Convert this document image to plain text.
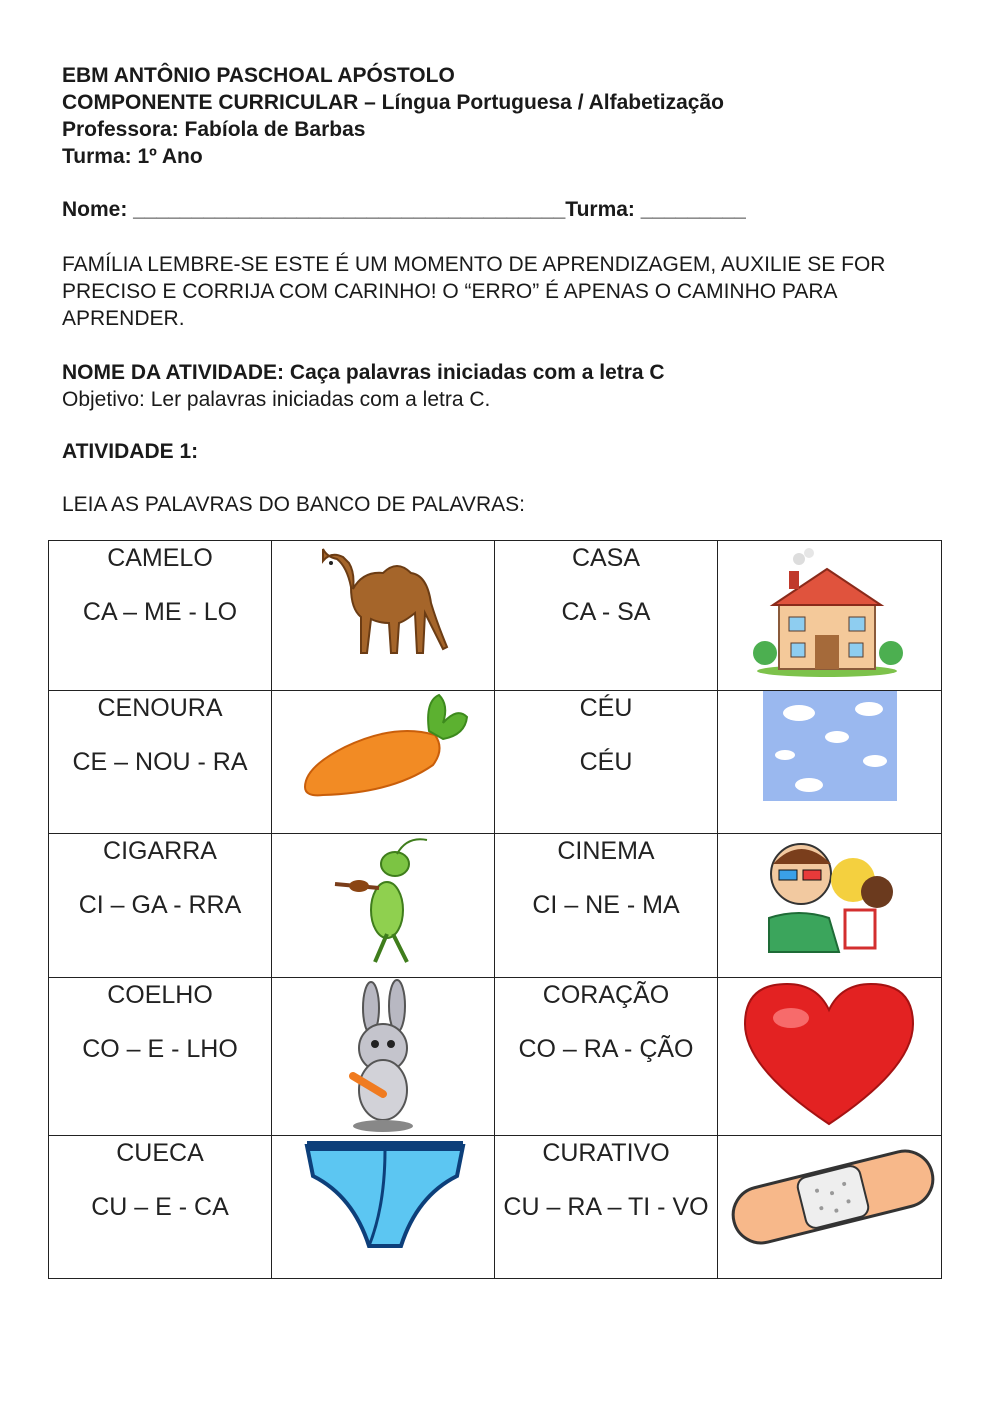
EBM ANTÔNIO PASCHOAL APÓSTOLO
COMPONENTE CURRICULAR – Língua Portuguesa / Alfabetização
Professora: Fabíola de Barbas
Turma: 1º Ano
Nome: _____________________________________Turma: _________
FAMÍLIA LEMBRE-SE ESTE É UM MOMENTO DE APRENDIZAGEM, AUXILIE SE FOR PRECISO E CORRIJA COM CARINHO! O “ERRO” É APENAS O CAMINHO PARA APRENDER.
NOME DA ATIVIDADE: Caça palavras iniciadas com a letra C
Objetivo: Ler palavras iniciadas com a letra C.
ATIVIDADE 1:
LEIA AS PALAVRAS DO BANCO DE PALAVRAS:
CAMELO
CA – ME - LO
CASA
CA - SA
CENOURA
CE – NOU - RA
CÉU
CÉU
CIGARRA
CI – GA - RRA
CINEMA
CI – NE - MA
COELHO
CO – E - LHO
CORAÇÃO
CO – RA - ÇÃO
CUECA
CU – E - CA
CURATIVO
CU – RA – TI - VO
